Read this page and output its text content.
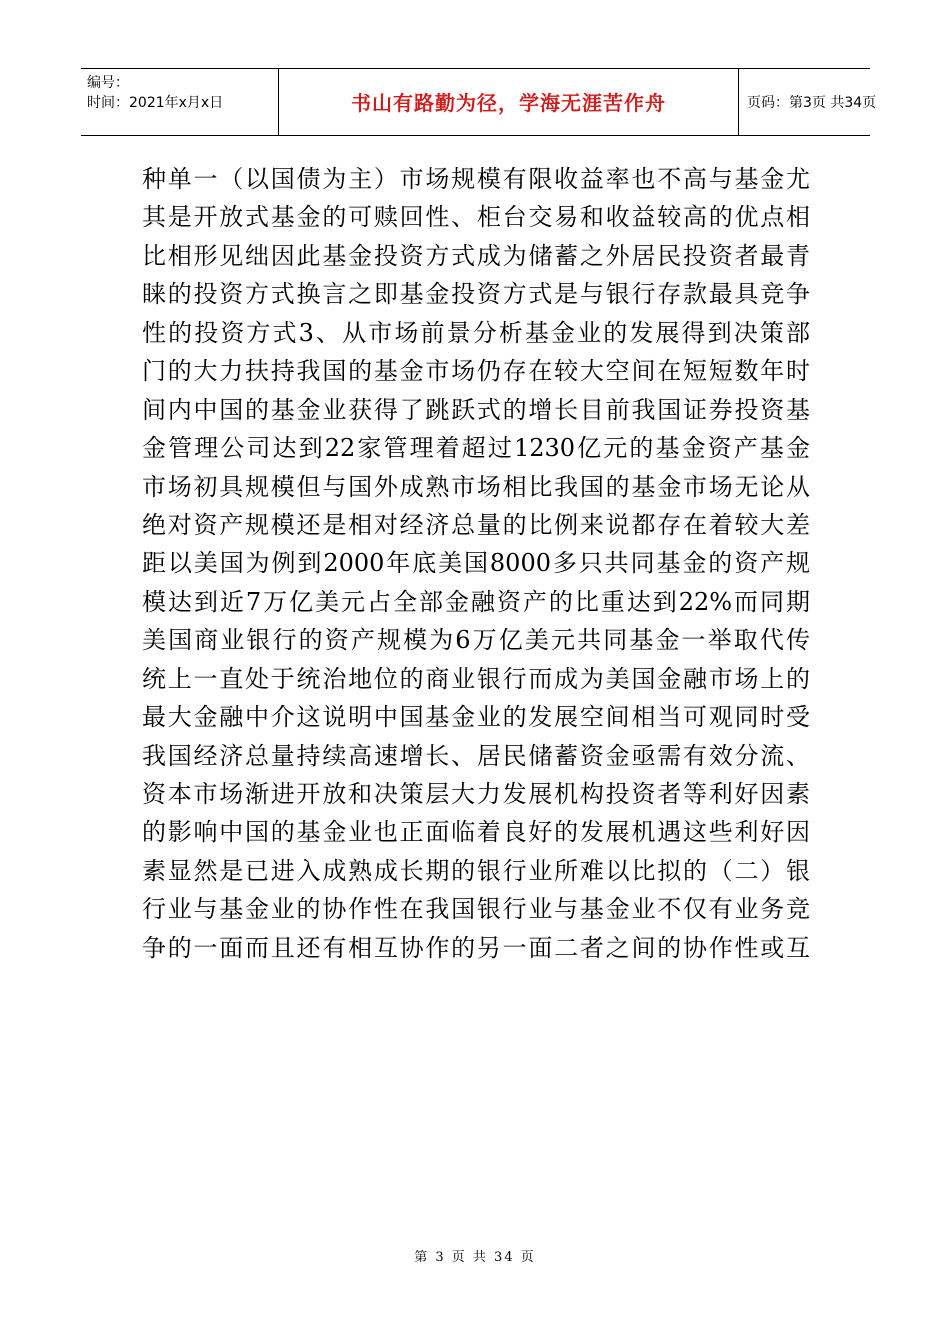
编号：
时间：2021年x月x日	书山有路勤为径，学海无涯苦作舟	页码：第3页 共34页
种单一（以国债为主）市场规模有限收益率也不高与基金尤
其是开放式基金的可赎回性、柜台交易和收益较高的优点相
比相形见绌因此基金投资方式成为储蓄之外居民投资者最青
睐的投资方式换言之即基金投资方式是与银行存款最具竞争
性的投资方式3、从市场前景分析基金业的发展得到决策部
门的大力扶持我国的基金市场仍存在较大空间在短短数年时
间内中国的基金业获得了跳跃式的增长目前我国证券投资基
金管理公司达到22家管理着超过1230亿元的基金资产基金
市场初具规模但与国外成熟市场相比我国的基金市场无论从
绝对资产规模还是相对经济总量的比例来说都存在着较大差
距以美国为例到2000年底美国8000多只共同基金的资产规
模达到近7万亿美元占全部金融资产的比重达到22%而同期
美国商业银行的资产规模为6万亿美元共同基金一举取代传
统上一直处于统治地位的商业银行而成为美国金融市场上的
最大金融中介这说明中国基金业的发展空间相当可观同时受
我国经济总量持续高速增长、居民储蓄资金亟需有效分流、
资本市场渐进开放和决策层大力发展机构投资者等利好因素
的影响中国的基金业也正面临着良好的发展机遇这些利好因
素显然是已进入成熟成长期的银行业所难以比拟的（二）银
行业与基金业的协作性在我国银行业与基金业不仅有业务竞
争的一面而且还有相互协作的另一面二者之间的协作性或互
第 3 页 共 34 页
